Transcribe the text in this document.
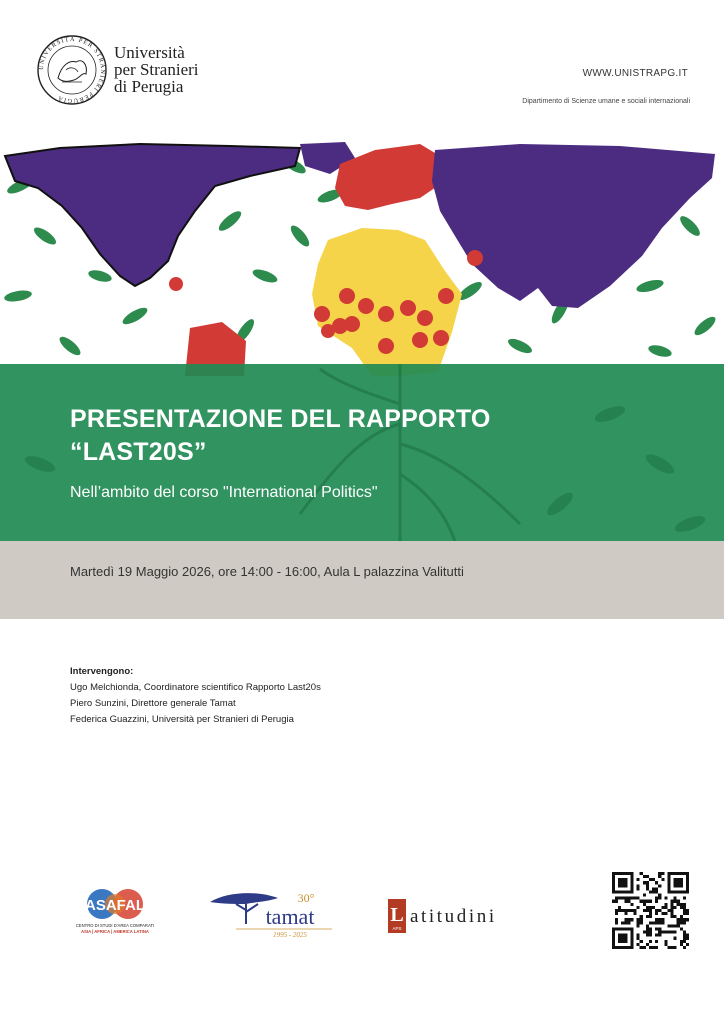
UNIVERSITÀ PER STRANIERI PERUGIA
Università
per Stranieri
di Perugia
WWW.UNISTRAPG.IT
Dipartimento di Scienze umane e sociali internazionali
PRESENTAZIONE DEL RAPPORTO
“LAST20S”
Nell’ambito del corso "International Politics"
Martedì 19 Maggio 2026, ore 14:00 - 16:00, Aula L palazzina Valitutti
Intervengono:
Ugo Melchionda, Coordinatore scientifico Rapporto Last20s
Piero Sunzini, Direttore generale Tamat
Federica Guazzini, Università per Stranieri di Perugia
ASAFAL
CENTRO DI STUDI D'AREA COMPARATI
ASIA | AFRICA | AMERICA LATINA
30°
tamat
1995 - 2025
L
APS
atitudini
